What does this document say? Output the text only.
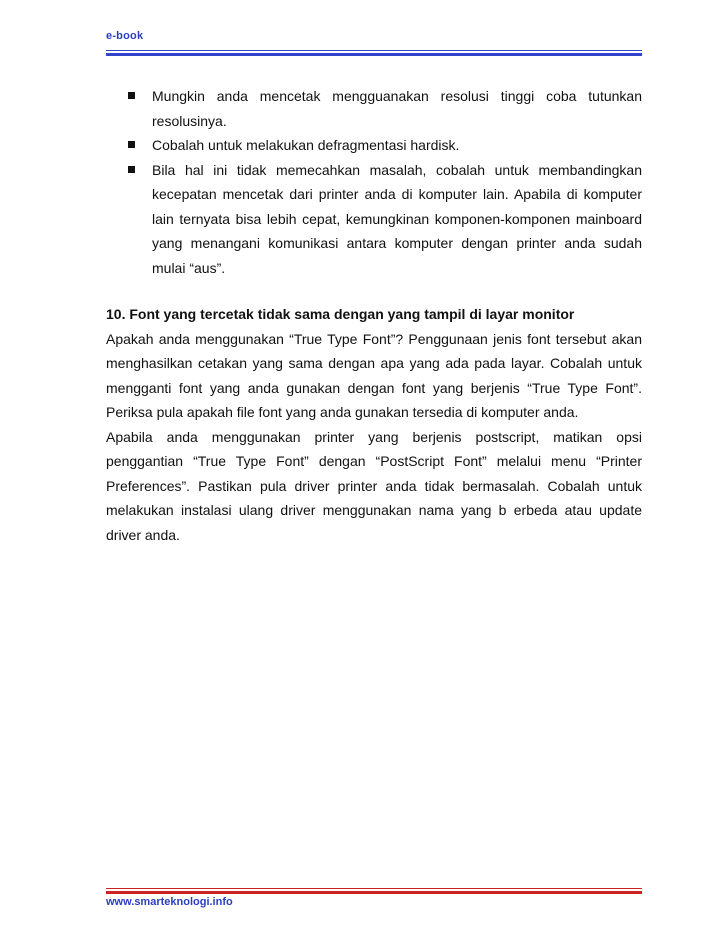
e-book
Mungkin anda mencetak mengguanakan resolusi tinggi coba tutunkan resolusinya.
Cobalah untuk melakukan defragmentasi hardisk.
Bila hal ini tidak memecahkan masalah, cobalah untuk membandingkan kecepatan mencetak dari printer anda di komputer lain. Apabila di komputer lain ternyata bisa lebih cepat, kemungkinan komponen-komponen mainboard yang menangani komunikasi antara komputer dengan printer anda sudah mulai “aus”.
10. Font yang tercetak tidak sama dengan yang tampil di layar monitor

Apakah anda menggunakan “True Type Font”? Penggunaan jenis font tersebut akan menghasilkan cetakan yang sama dengan apa yang ada pada layar. Cobalah untuk mengganti font yang anda gunakan dengan font yang berjenis “True Type Font”. Periksa pula apakah file font yang anda gunakan tersedia di komputer anda.

Apabila anda menggunakan printer yang berjenis postscript, matikan opsi penggantian “True Type Font” dengan “PostScript Font” melalui menu “Printer Preferences”. Pastikan pula driver printer anda tidak bermasalah. Cobalah untuk melakukan instalasi ulang driver menggunakan nama yang b erbeda atau update driver anda.

www.smarteknologi.info
